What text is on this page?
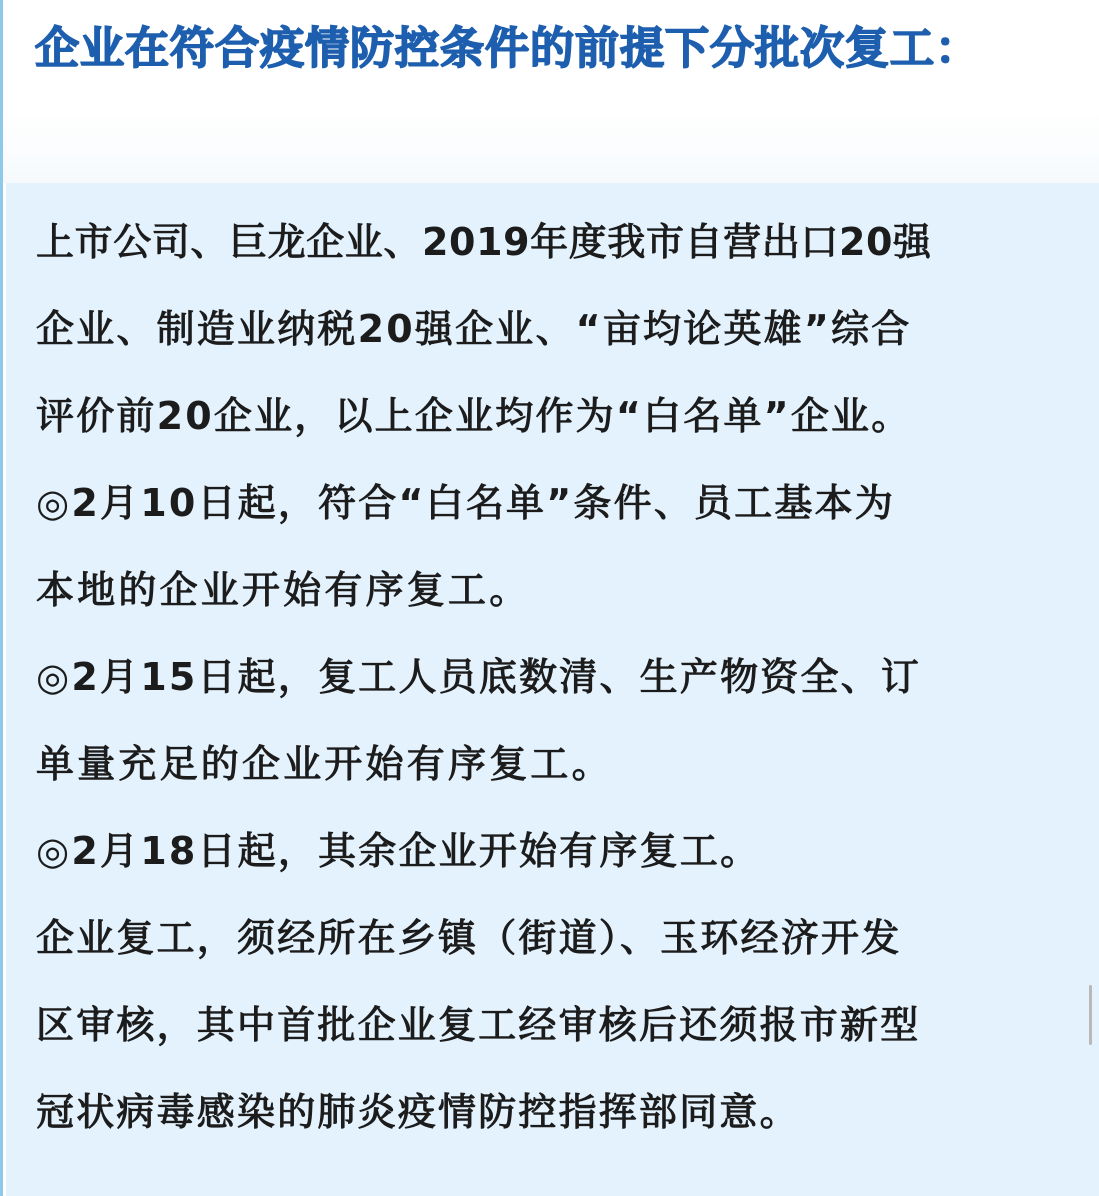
企业在符合疫情防控条件的前提下分批次复工：

上市公司、巨龙企业、2019年度我市自营出口20强

企业、制造业纳税20强企业、“亩均论英雄”综合

评价前20企业，以上企业均作为“白名单”企业。

◎2月10日起，符合“白名单”条件、员工基本为

本地的企业开始有序复工。

◎2月15日起，复工人员底数清、生产物资全、订

单量充足的企业开始有序复工。

◎2月18日起，其余企业开始有序复工。

企业复工，须经所在乡镇（街道）、玉环经济开发

区审核，其中首批企业复工经审核后还须报市新型

冠状病毒感染的肺炎疫情防控指挥部同意。
